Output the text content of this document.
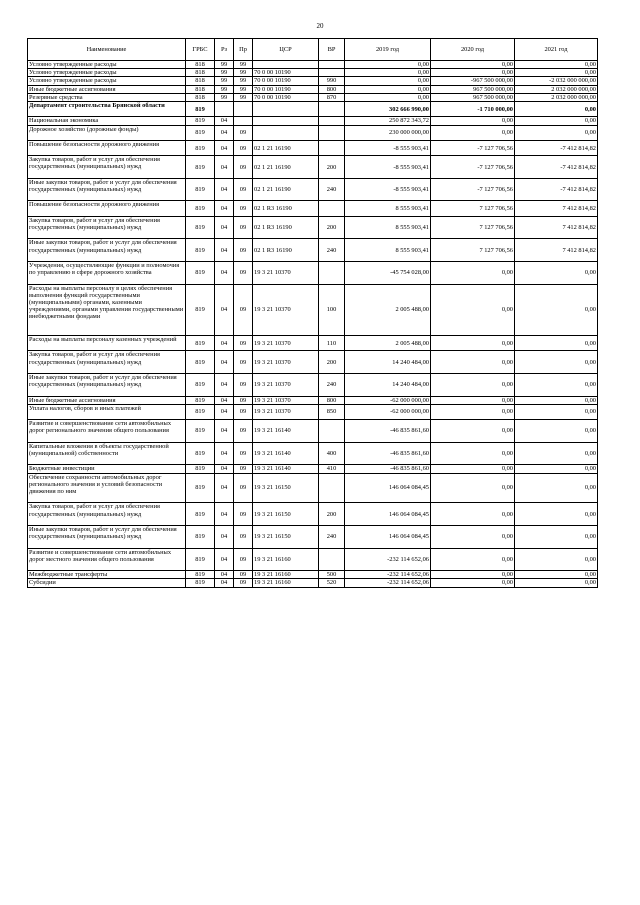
20
Наименование	ГРБС	Рз	Пр	ЦСР	ВР	2019 год	2020 год	2021 год
Условно утвержденные расходы	818	99	99			0,00	0,00	0,00
Условно утвержденные расходы	818	99	99	70 0 00 10190		0,00	0,00	0,00
Условно утвержденные расходы	818	99	99	70 0 00 10190	990	0,00	-967 500 000,00	-2 032 000 000,00
Иные бюджетные ассигнования	818	99	99	70 0 00 10190	800	0,00	967 500 000,00	2 032 000 000,00
Резервные средства	818	99	99	70 0 00 10190	870	0,00	967 500 000,00	2 032 000 000,00
Департамент строительства Брянской области	819					302 666 990,00	-1 710 000,00	0,00
Национальная экономика	819	04				250 872 343,72	0,00	0,00
Дорожное хозяйство (дорожные фонды)	819	04	09			230 000 000,00	0,00	0,00
Повышение безопасности дорожного движения	819	04	09	02 1 21 16190		-8 555 903,41	-7 127 706,56	-7 412 814,82
Закупка товаров, работ и услуг для обеспечения государственных (муниципальных) нужд	819	04	09	02 1 21 16190	200	-8 555 903,41	-7 127 706,56	-7 412 814,82
Иные закупки товаров, работ и услуг для обеспечения государственных (муниципальных) нужд	819	04	09	02 1 21 16190	240	-8 555 903,41	-7 127 706,56	-7 412 814,82
Повышение безопасности дорожного движения	819	04	09	02 1 R3 16190		8 555 903,41	7 127 706,56	7 412 814,82
Закупка товаров, работ и услуг для обеспечения государственных (муниципальных) нужд	819	04	09	02 1 R3 16190	200	8 555 903,41	7 127 706,56	7 412 814,82
Иные закупки товаров, работ и услуг для обеспечения государственных (муниципальных) нужд	819	04	09	02 1 R3 16190	240	8 555 903,41	7 127 706,56	7 412 814,82
Учреждения, осуществляющие функции и полномочия по управлению в сфере дорожного хозяйства	819	04	09	19 3 21 10370		-45 754 028,00	0,00	0,00
Расходы на выплаты персоналу в целях обеспечения выполнения функций государственными (муниципальными) органами, казенными учреждениями, органами управления государственными внебюджетными фондами	819	04	09	19 3 21 10370	100	2 005 488,00	0,00	0,00
Расходы на выплаты персоналу казенных учреждений	819	04	09	19 3 21 10370	110	2 005 488,00	0,00	0,00
Закупка товаров, работ и услуг для обеспечения государственных (муниципальных) нужд	819	04	09	19 3 21 10370	200	14 240 484,00	0,00	0,00
Иные закупки товаров, работ и услуг для обеспечения государственных (муниципальных) нужд	819	04	09	19 3 21 10370	240	14 240 484,00	0,00	0,00
Иные бюджетные ассигнования	819	04	09	19 3 21 10370	800	-62 000 000,00	0,00	0,00
Уплата налогов, сборов и иных платежей	819	04	09	19 3 21 10370	850	-62 000 000,00	0,00	0,00
Развитие и совершенствование сети автомобильных дорог регионального значения общего пользования	819	04	09	19 3 21 16140		-46 835 861,60	0,00	0,00
Капитальные вложения в объекты государственной (муниципальной) собственности	819	04	09	19 3 21 16140	400	-46 835 861,60	0,00	0,00
Бюджетные инвестиции	819	04	09	19 3 21 16140	410	-46 835 861,60	0,00	0,00
Обеспечение сохранности автомобильных дорог регионального значения и условий безопасности движения по ним	819	04	09	19 3 21 16150		146 064 084,45	0,00	0,00
Закупка товаров, работ и услуг для обеспечения государственных (муниципальных) нужд	819	04	09	19 3 21 16150	200	146 064 084,45	0,00	0,00
Иные закупки товаров, работ и услуг для обеспечения государственных (муниципальных) нужд	819	04	09	19 3 21 16150	240	146 064 084,45	0,00	0,00
Развитие и совершенствование сети автомобильных дорог местного значения общего пользования	819	04	09	19 3 21 16160		-232 114 652,06	0,00	0,00
Межбюджетные трансферты	819	04	09	19 3 21 16160	500	-232 114 652,06	0,00	0,00
Субсидии	819	04	09	19 3 21 16160	520	-232 114 652,06	0,00	0,00
